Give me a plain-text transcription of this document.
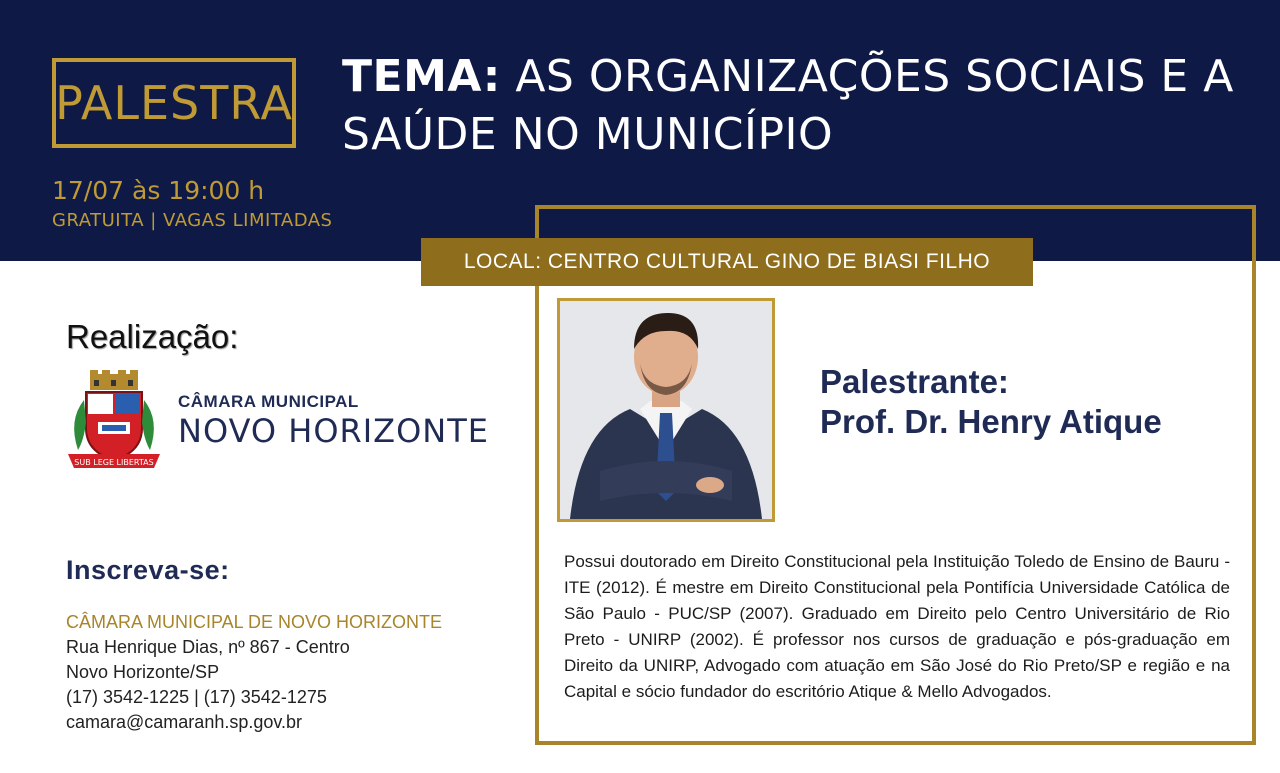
PALESTRA TEMA: AS ORGANIZAÇÕES SOCIAIS E A SAÚDE NO MUNICÍPIO
17/07 às 19:00 h
GRATUITA | VAGAS LIMITADAS
LOCAL: CENTRO CULTURAL GINO DE BIASI FILHO
Realização:
SUB LEGE LIBERTAS
CÂMARA MUNICIPAL
NOVO HORIZONTE
Inscreva-se:
CÂMARA MUNICIPAL DE NOVO HORIZONTE
Rua Henrique Dias, nº 867 - Centro
Novo Horizonte/SP
(17) 3542-1225 | (17) 3542-1275
camara@camaranh.sp.gov.br
Palestrante:
Prof. Dr. Henry Atique
Possui doutorado em Direito Constitucional pela Instituição Toledo de Ensino de Bauru - ITE (2012). É mestre em Direito Constitucional pela Pontifícia Universidade Católica de São Paulo - PUC/SP (2007). Graduado em Direito pelo Centro Universitário de Rio Preto - UNIRP (2002). É professor nos cursos de graduação e pós-graduação em Direito da UNIRP, Advogado com atuação em São José do Rio Preto/SP e região e na Capital e sócio fundador do escritório Atique & Mello Advogados.
